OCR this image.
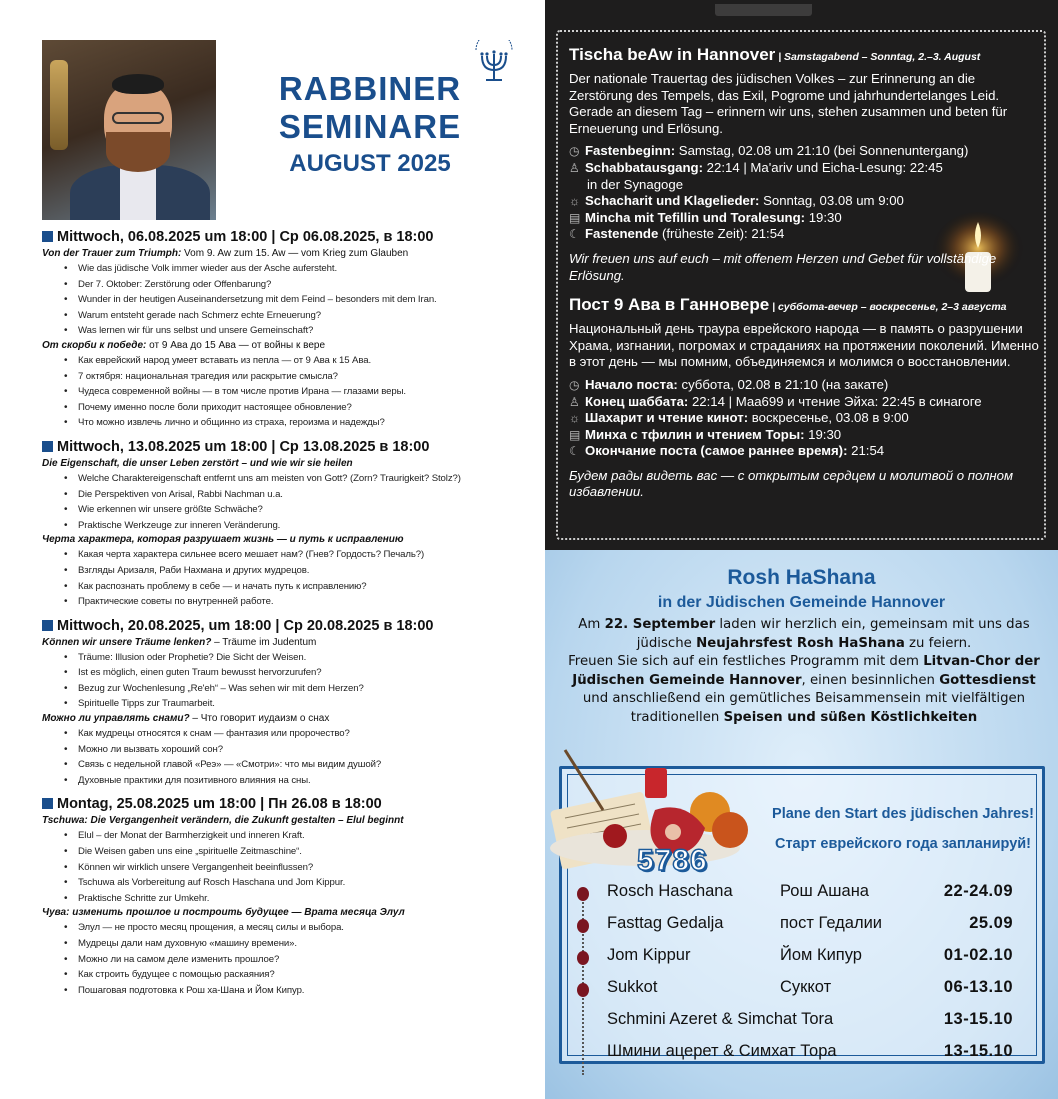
RABBINER
SEMINARE
AUGUST 2025
Mittwoch, 06.08.2025 um 18:00 | Ср 06.08.2025, в 18:00
Von der Trauer zum Triumph: Vom 9. Aw zum 15. Aw — vom Krieg zum Glauben
• Wie das jüdische Volk immer wieder aus der Asche aufersteht.
• Der 7. Oktober: Zerstörung oder Offenbarung?
• Wunder in der heutigen Auseinandersetzung mit dem Feind – besonders mit dem Iran.
• Warum entsteht gerade nach Schmerz echte Erneuerung?
• Was lernen wir für uns selbst und unsere Gemeinschaft?
От скорби к победе: от 9 Ава до 15 Ава — от войны к вере
• Как еврейский народ умеет вставать из пепла — от 9 Ава к 15 Ава.
• 7 октября: национальная трагедия или раскрытие смысла?
• Чудеса современной войны — в том числе против Ирана — глазами веры.
• Почему именно после боли приходит настоящее обновление?
• Что можно извлечь лично и общинно из страха, героизма и надежды?
Mittwoch, 13.08.2025 um 18:00 | Ср 13.08.2025 в 18:00
Die Eigenschaft, die unser Leben zerstört – und wie wir sie heilen
• Welche Charaktereigenschaft entfernt uns am meisten von Gott? (Zorn? Traurigkeit? Stolz?)
• Die Perspektiven von Arisal, Rabbi Nachman u.a.
• Wie erkennen wir unsere größte Schwäche?
• Praktische Werkzeuge zur inneren Veränderung.
Черта характера, которая разрушает жизнь — и путь к исправлению
• Какая черта характера сильнее всего мешает нам? (Гнев? Гордость? Печаль?)
• Взгляды Аризаля, Раби Нахмана и других мудрецов.
• Как распознать проблему в себе — и начать путь к исправлению?
• Практические советы по внутренней работе.
Mittwoch, 20.08.2025, um 18:00 | Ср 20.08.2025 в 18:00
Können wir unsere Träume lenken? – Träume im Judentum
• Träume: Illusion oder Prophetie? Die Sicht der Weisen.
• Ist es möglich, einen guten Traum bewusst hervorzurufen?
• Bezug zur Wochenlesung „Re'eh“ – Was sehen wir mit dem Herzen?
• Spirituelle Tipps zur Traumarbeit.
Можно ли управлять снами? – Что говорит иудаизм о снах
• Как мудрецы относятся к снам — фантазия или пророчество?
• Можно ли вызвать хороший сон?
• Связь с недельной главой «Реэ» — «Смотри»: что мы видим душой?
• Духовные практики для позитивного влияния на сны.
Montag, 25.08.2025 um 18:00 | Пн 26.08 в 18:00
Tschuwa: Die Vergangenheit verändern, die Zukunft gestalten – Elul beginnt
• Elul – der Monat der Barmherzigkeit und inneren Kraft.
• Die Weisen gaben uns eine „spirituelle Zeitmaschine“.
• Können wir wirklich unsere Vergangenheit beeinflussen?
• Tschuwa als Vorbereitung auf Rosch Haschana und Jom Kippur.
• Praktische Schritte zur Umkehr.
Чува: изменить прошлое и построить будущее — Врата месяца Элул
• Элул — не просто месяц прощения, а месяц силы и выбора.
• Мудрецы дали нам духовную «машину времени».
• Можно ли на самом деле изменить прошлое?
• Как строить будущее с помощью раскаяния?
• Пошаговая подготовка к Рош ха-Шана и Йом Кипур.
Tischa beAw in Hannover | Samstagabend – Sonntag, 2.–3. August
Der nationale Trauertag des jüdischen Volkes – zur Erinnerung an die Zerstörung des Tempels, das Exil, Pogrome und jahrhundertelanges Leid. Gerade an diesem Tag – erinnern wir uns, stehen zusammen und beten für Erneuerung und Erlösung.
◷ Fastenbeginn: Samstag, 02.08 um 21:10 (bei Sonnenuntergang)
♙ Schabbatausgang: 22:14 | Ma'ariv und Eicha-Lesung: 22:45
in der Synagoge
☼ Schacharit und Klagelieder: Sonntag, 03.08 um 9:00
▤ Mincha mit Tefillin und Toralesung: 19:30
☾ Fastenende (früheste Zeit): 21:54
Wir freuen uns auf euch – mit offenem Herzen und Gebet für vollständige Erlösung.
Пост 9 Ава в Ганновере | суббота-вечер – воскресенье, 2–3 августа
Национальный день траура еврейского народа — в память о разрушении Храма, изгнании, погромах и страданиях на протяжении поколений. Именно в этот день — мы помним, объединяемся и молимся о восстановлении.
◷ Начало поста: суббота, 02.08 в 21:10 (на закате)
♙ Конец шаббата: 22:14 | Маа699 и чтение Эйха: 22:45 в синагоге
☼ Шахарит и чтение кинот: воскресенье, 03.08 в 9:00
▤ Минха с тфилин и чтением Торы: 19:30
☾ Окончание поста (самое раннее время): 21:54
Будем рады видеть вас — с открытым сердцем и молитвой о полном избавлении.
Rosh HaShana
in der Jüdischen Gemeinde Hannover
Am 22. September laden wir herzlich ein, gemeinsam mit uns das jüdische Neujahrsfest Rosh HaShana zu feiern.
Freuen Sie sich auf ein festliches Programm mit dem Litvan-Chor der Jüdischen Gemeinde Hannover, einen besinnlichen Gottesdienst und anschließend ein gemütliches Beisammensein mit vielfältigen traditionellen Speisen und süßen Köstlichkeiten
5786
Plane den Start des jüdischen Jahres!
Старт еврейского года запланируй!
Rosch Haschana	Рош Ашана	22-24.09
Fasttag Gedalja	пост Гедалии	25.09
Jom Kippur	Йом Кипур	01-02.10
Sukkot	Суккот	06-13.10
Schmini Azeret & Simchat Tora	13-15.10
Шмини ацерет & Симхат Тора	13-15.10
